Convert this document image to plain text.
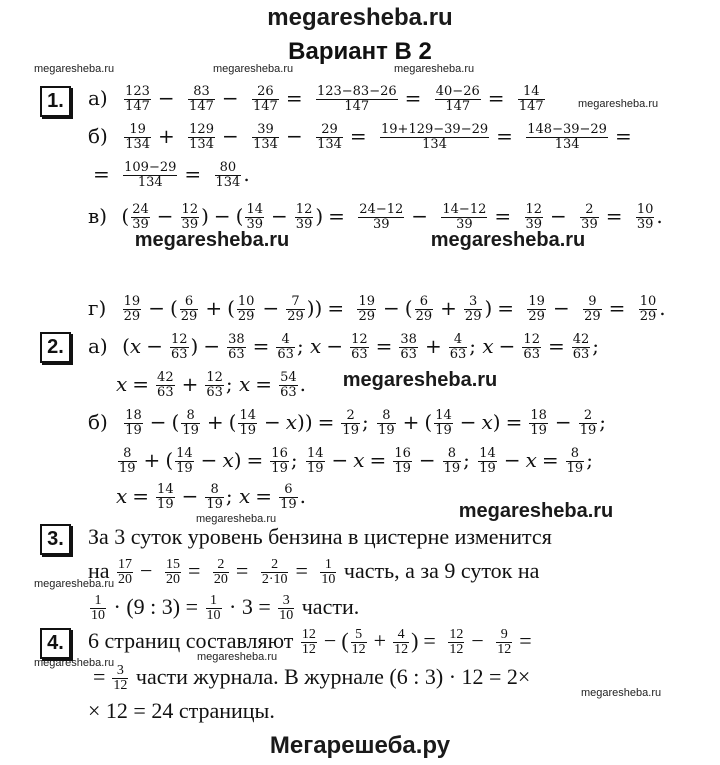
megaresheba.ru
Мегарешеба.ру
megaresheba.ru	megaresheba.ru	megaresheba.ru
megaresheba.ru
megaresheba.ru
megaresheba.ru
megaresheba.ru	megaresheba.ru
megaresheba.ru
megaresheba.ru	megaresheba.ru
megaresheba.ru
megaresheba.ru
Вариант В 2
1.	$а) \frac{123}{147} - \frac{83}{147} - \frac{26}{147} = \frac{123-83-26}{147} = \frac{40-26}{147} = \frac{14}{147}$
$б) \frac{19}{134} + \frac{129}{134} - \frac{39}{134} - \frac{29}{134} = \frac{19+129-39-29}{134} = \frac{148-39-29}{134}$ =
= $\frac{109-29}{134} = \frac{80}{134}$ .
в) ( $\frac{24}{39} - \frac{12}{39}$ ) − ( $\frac{14}{39} - \frac{12}{39}$ ) = $\frac{24-12}{39} - \frac{14-12}{39} = \frac{12}{39} - \frac{2}{39} = \frac{10}{39}$ .
$г) \frac{19}{29}$ − ( $\frac{6}{29}$ + ( $\frac{10}{29} - \frac{7}{29}$ )) = $\frac{19}{29}$ − ( $\frac{6}{29} + \frac{3}{29}$ ) = $\frac{19}{29} - \frac{9}{29} = \frac{10}{29}$ .
2.	а) ($x - \frac{12}{63}$ ) − $\frac{38}{63} = \frac{4}{63}$ ; $x - \frac{12}{63} = \frac{38}{63} + \frac{4}{63}$ ; $x - \frac{12}{63} = \frac{42}{63}$ ;
$x = \frac{42}{63} + \frac{12}{63}$ ; $x = \frac{54}{63}$ .
$б) \frac{18}{19}$ − ( $\frac{8}{19}$ + ( $\frac{14}{19} - x)) = \frac{2}{19}$ ; $\frac{8}{19}$ + ( $\frac{14}{19} - x) = \frac{18}{19} - \frac{2}{19}$ ;
$\frac{8}{19}$ + ( $\frac{14}{19} - x) = \frac{16}{19}$ ; $\frac{14}{19} - x = \frac{16}{19} - \frac{8}{19}$ ; $\frac{14}{19} - x = \frac{8}{19}$ ;
$x = \frac{14}{19} - \frac{8}{19}$ ; $x = \frac{6}{19}$ .
3.	За 3 суток уровень бензина в цистерне изменится
на $\frac{17}{20} - \frac{15}{20} = \frac{2}{20} = \frac{2}{2\cdot 10} = \frac{1}{10}$ часть, а за 9 суток на
$\frac{1}{10} \cdot (9$ : $3) = \frac{1}{10} \cdot 3 = \frac{3}{10}$ части.
4.	6 страниц составляют $\frac{12}{12}$ − ( $\frac{5}{12} + \frac{4}{12}$ ) = $\frac{12}{12} - \frac{9}{12}$ =
= $\frac{3}{12}$ части журнала. В журнале (6 : 3) · 12 = 2×
× 12 = 24 страницы.
